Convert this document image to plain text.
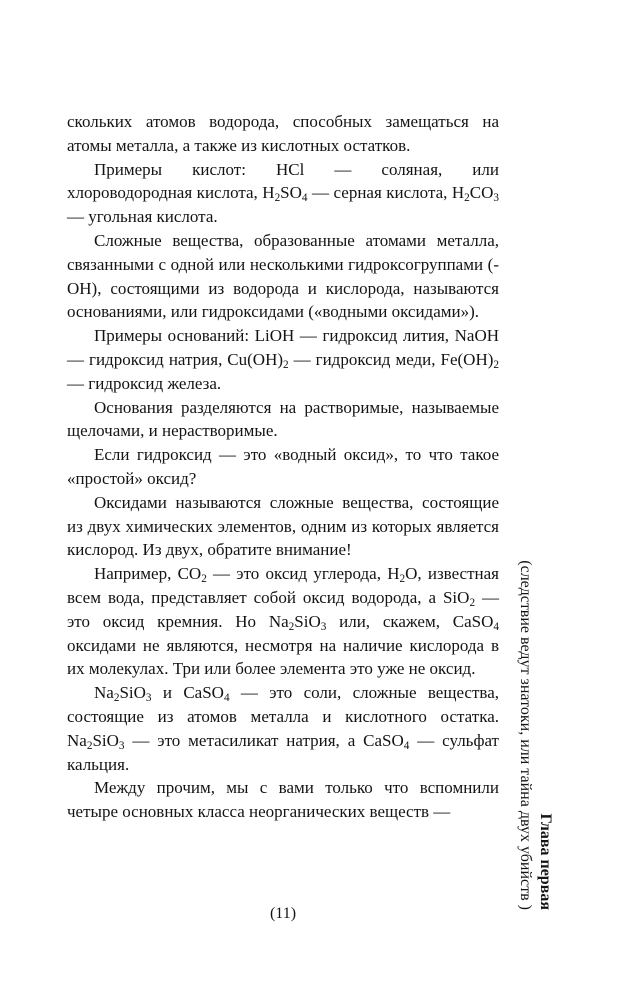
скольких атомов водорода, способных замещаться на атомы металла, а также из кислотных остатков.

Примеры кислот: HCl — соляная, или хлороводородная кислота, $H_2SO_4$ — серная кислота, $H_2CO_3$ — угольная кислота.

Сложные вещества, образованные атомами металла, связанными с одной или несколькими гидроксогруппами (-OH), состоящими из водорода и кислорода, называются основаниями, или гидроксидами («водными оксидами»).

Примеры оснований: LiOH — гидроксид лития, NaOH — гидроксид натрия, $Cu(OH)_2$ — гидроксид меди, $Fe(OH)_2$ — гидроксид железа.

Основания разделяются на растворимые, называемые щелочами, и нерастворимые.

Если гидроксид — это «водный оксид», то что такое «простой» оксид?

Оксидами называются сложные вещества, состоящие из двух химических элементов, одним из которых является кислород. Из двух, обратите внимание!

Например, $CO_2$ — это оксид углерода, $H_2O$, известная всем вода, представляет собой оксид водорода, а SiO$_2$ — это оксид кремния. Но $Na_2SiO_3$ или, скажем, CaSO$_4$ оксидами не являются, несмотря на наличие кислорода в их молекулах. Три или более элемента это уже не оксид.

$Na_2SiO_3$ и CaSO$_4$ — это соли, сложные вещества, состоящие из атомов металла и кислотного остатка. $Na_2SiO_3$ — это метасиликат натрия, а CaSO$_4$ — сульфат кальция.

Между прочим, мы с вами только что вспомнили четыре основных класса неорганических веществ —

Глава первая
(следствие ведут знатоки, или тайна двух убийств )
(11)
